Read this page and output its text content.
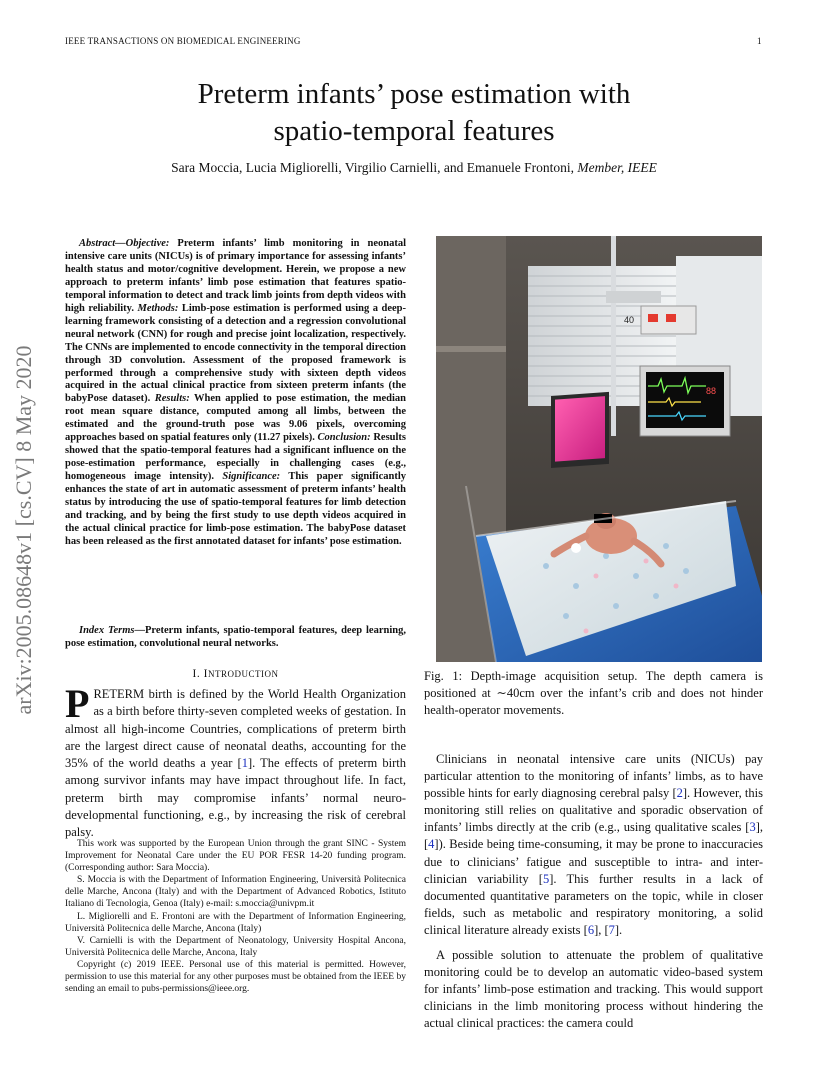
IEEE TRANSACTIONS ON BIOMEDICAL ENGINEERING	1
Preterm infants’ pose estimation with
spatio-temporal features
Sara Moccia, Lucia Migliorelli, Virgilio Carnielli, and Emanuele Frontoni, Member, IEEE
arXiv:2005.08648v1 [cs.CV] 8 May 2020

Abstract—Objective: Preterm infants’ limb monitoring in neonatal intensive care units (NICUs) is of primary importance for assessing infants’ health status and motor/cognitive development. Herein, we propose a new approach to preterm infants’ limb pose estimation that features spatio-temporal information to detect and track limb joints from depth videos with high reliability. Methods: Limb-pose estimation is performed using a deep-learning framework consisting of a detection and a regression convolutional neural network (CNN) for rough and precise joint localization, respectively. The CNNs are implemented to encode connectivity in the temporal direction through 3D convolution. Assessment of the proposed framework is performed through a comprehensive study with sixteen depth videos acquired in the actual clinical practice from sixteen preterm infants (the babyPose dataset). Results: When applied to pose estimation, the median root mean square distance, computed among all limbs, between the estimated and the ground-truth pose was 9.06 pixels, overcoming approaches based on spatial features only (11.27 pixels). Conclusion: Results showed that the spatio-temporal features had a significant influence on the pose-estimation performance, especially in challenging cases (e.g., homogeneous image intensity). Significance: This paper significantly enhances the state of art in automatic assessment of preterm infants’ health status by introducing the use of spatio-temporal features for limb detection and tracking, and by being the first study to use depth videos acquired in the actual clinical practice for limb-pose estimation. The babyPose dataset has been released as the first annotated dataset for infants’ pose estimation.

Index Terms—Preterm infants, spatio-temporal features, deep learning, pose estimation, convolutional neural networks.

I. INTRODUCTION

PRETERM birth is defined by the World Health Organization as a birth before thirty-seven completed weeks of gestation. In almost all high-income Countries, complications of preterm birth are the largest direct cause of neonatal deaths, accounting for the 35% of the world deaths a year [1]. The effects of preterm birth among survivor infants may have impact throughout life. In fact, preterm birth may compromise infants’ normal neuro-developmental functioning, e.g., by increasing the risk of cerebral palsy.

This work was supported by the European Union through the grant SINC - System Improvement for Neonatal Care under the EU POR FESR 14-20 funding program. (Corresponding author: Sara Moccia).

S. Moccia is with the Department of Information Engineering, Università Politecnica delle Marche, Ancona (Italy) and with the Department of Advanced Robotics, Istituto Italiano di Tecnologia, Genoa (Italy) e-mail: s.moccia@univpm.it

L. Migliorelli and E. Frontoni are with the Department of Information Engineering, Università Politecnica delle Marche, Ancona (Italy)

V. Carnielli is with the Department of Neonatology, University Hospital Ancona, Università Politecnica delle Marche, Ancona, Italy

Copyright (c) 2019 IEEE. Personal use of this material is permitted. However, permission to use this material for any other purposes must be obtained from the IEEE by sending an email to pubs-permissions@ieee.org.

40
88

Fig. 1: Depth-image acquisition setup. The depth camera is positioned at ∼40cm over the infant’s crib and does not hinder health-operator movements.

Clinicians in neonatal intensive care units (NICUs) pay particular attention to the monitoring of infants’ limbs, as to have possible hints for early diagnosing cerebral palsy [2]. However, this monitoring still relies on qualitative and sporadic observation of infants’ limbs directly at the crib (e.g., using qualitative scales [3], [4]). Beside being time-consuming, it may be prone to inaccuracies due to clinicians’ fatigue and susceptible to intra- and inter-clinician variability [5]. This further results in a lack of documented quantitative parameters on the topic, while in closer fields, such as metabolic and respiratory monitoring, a solid clinical literature already exists [6], [7].

A possible solution to attenuate the problem of qualitative monitoring could be to develop an automatic video-based system for infants’ limb-pose estimation and tracking. This would support clinicians in the limb monitoring process without hindering the actual clinical practices: the camera could
